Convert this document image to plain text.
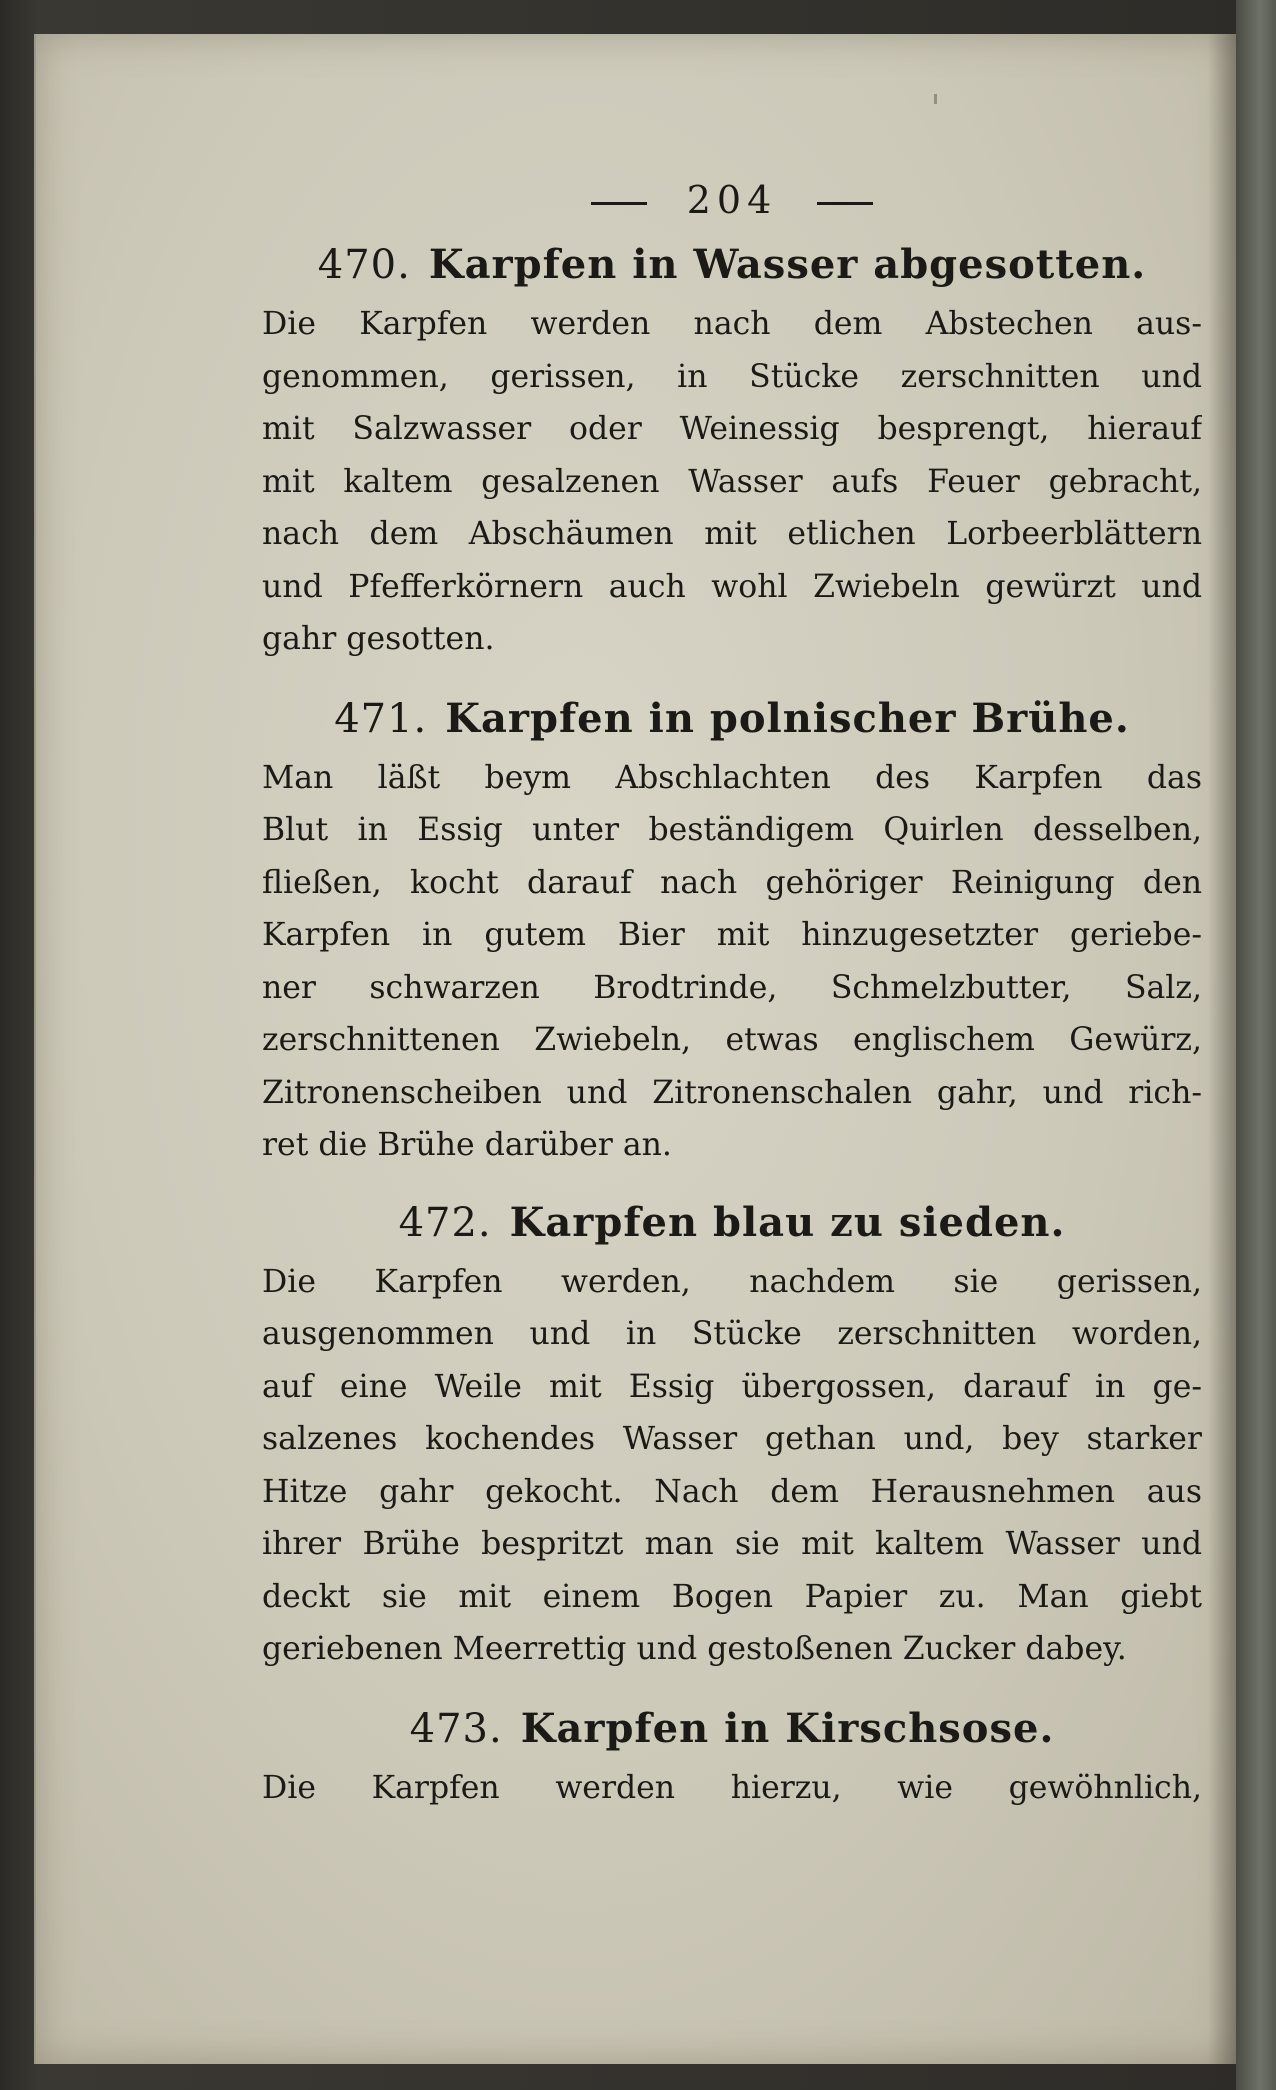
204
470. Karpfen in Wasser abgesotten.
Die Karpfen werden nach dem Abstechen aus-
genommen, gerissen, in Stücke zerschnitten und
mit Salzwasser oder Weinessig besprengt, hierauf
mit kaltem gesalzenen Wasser aufs Feuer gebracht,
nach dem Abschäumen mit etlichen Lorbeerblättern
und Pfefferkörnern auch wohl Zwiebeln gewürzt und
gahr gesotten.
471. Karpfen in polnischer Brühe.
Man läßt beym Abschlachten des Karpfen das
Blut in Essig unter beständigem Quirlen desselben,
fließen, kocht darauf nach gehöriger Reinigung den
Karpfen in gutem Bier mit hinzugesetzter geriebe-
ner schwarzen Brodtrinde, Schmelzbutter, Salz,
zerschnittenen Zwiebeln, etwas englischem Gewürz,
Zitronenscheiben und Zitronenschalen gahr, und rich-
ret die Brühe darüber an.
472. Karpfen blau zu sieden.
Die Karpfen werden, nachdem sie gerissen,
ausgenommen und in Stücke zerschnitten worden,
auf eine Weile mit Essig übergossen, darauf in ge-
salzenes kochendes Wasser gethan und, bey starker
Hitze gahr gekocht. Nach dem Herausnehmen aus
ihrer Brühe bespritzt man sie mit kaltem Wasser und
deckt sie mit einem Bogen Papier zu. Man giebt
geriebenen Meerrettig und gestoßenen Zucker dabey.
473. Karpfen in Kirschsose.
Die Karpfen werden hierzu, wie gewöhnlich,
